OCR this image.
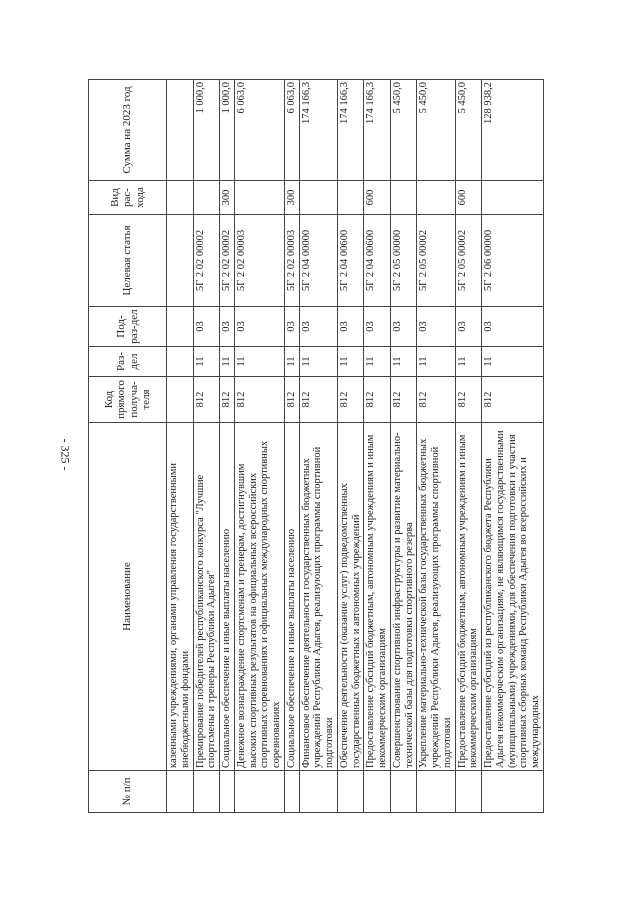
- 325 -
№ п/п	Наименование	Код прямого получа-теля	Раз-дел	Под-раз-дел	Целевая статья	Вид рас-хода	Сумма на 2023 год
	казенными учреждениями, органами управления государственными внебюджетными фондами						
	Премирование победителей республиканского конкурса "Лучшие спортсмены и тренеры Республики Адыгея"	812	11	03	5Г 2 02 00002		1 000,0
	Социальное обеспечение и иные выплаты населению	812	11	03	5Г 2 02 00002	300	1 000,0
	Денежное вознаграждение спортсменам и тренерам, достигнувшим высоких спортивных результатов на официальных всероссийских спортивных соревнованиях и официальных международных спортивных соревнованиях	812	11	03	5Г 2 02 00003		6 063,0
	Социальное обеспечение и иные выплаты населению	812	11	03	5Г 2 02 00003	300	6 063,0
	Финансовое обеспечение деятельности государственных бюджетных учреждений Республики Адыгея, реализующих программы спортивной подготовки	812	11	03	5Г 2 04 00000		174 166,3
	Обеспечение деятельности (оказание услуг) подведомственных государственных бюджетных и автономных учреждений	812	11	03	5Г 2 04 00600		174 166,3
	Предоставление субсидий бюджетным, автономным учреждениям и иным некоммерческим организациям	812	11	03	5Г 2 04 00600	600	174 166,3
	Совершенствование спортивной инфраструктуры и развитие материально-технической базы для подготовки спортивного резерва	812	11	03	5Г 2 05 00000		5 450,0
	Укрепление материально-технической базы государственных бюджетных учреждений Республики Адыгея, реализующих программы спортивной подготовки	812	11	03	5Г 2 05 00002		5 450,0
	Предоставление субсидий бюджетным, автономным учреждениям и иным некоммерческим организациям	812	11	03	5Г 2 05 00002	600	5 450,0
	Предоставление субсидий из республиканского бюджета Республики Адыгея некоммерческим организациям, не являющимся государственными (муниципальными) учреждениями, для обеспечения подготовки и участия спортивных сборных команд Республики Адыгея во всероссийских и международных	812	11	03	5Г 2 06 00000		128 938,2
